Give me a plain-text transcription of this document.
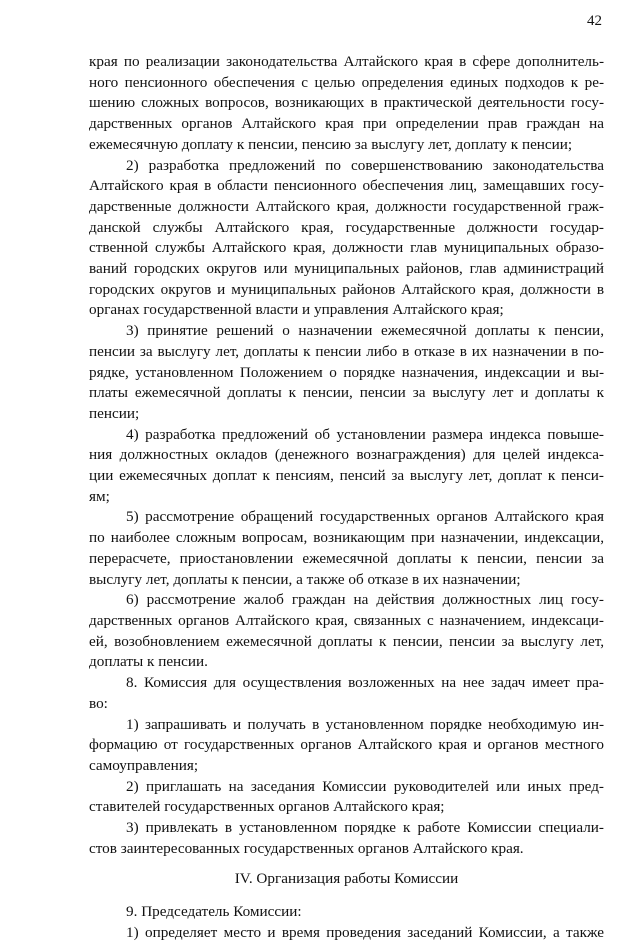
42
края по реализации законодательства Алтайского края в сфере дополнитель-
ного пенсионного обеспечения с целью определения единых подходов к ре-
шению сложных вопросов, возникающих в практической деятельности госу-
дарственных органов Алтайского края при определении прав граждан на
ежемесячную доплату к пенсии, пенсию за выслугу лет, доплату к пенсии;
2) разработка предложений по совершенствованию законодательства
Алтайского края в области пенсионного обеспечения лиц, замещавших госу-
дарственные должности Алтайского края, должности государственной граж-
данской службы Алтайского края, государственные должности государ-
ственной службы Алтайского края, должности глав муниципальных образо-
ваний городских округов или муниципальных районов, глав администраций
городских округов и муниципальных районов Алтайского края, должности в
органах государственной власти и управления Алтайского края;
3) принятие решений о назначении ежемесячной доплаты к пенсии,
пенсии за выслугу лет, доплаты к пенсии либо в отказе в их назначении в по-
рядке, установленном Положением о порядке назначения, индексации и вы-
платы ежемесячной доплаты к пенсии, пенсии за выслугу лет и доплаты к
пенсии;
4) разработка предложений об установлении размера индекса повыше-
ния должностных окладов (денежного вознаграждения) для целей индекса-
ции ежемесячных доплат к пенсиям, пенсий за выслугу лет, доплат к пенси-
ям;
5) рассмотрение обращений государственных органов Алтайского края
по наиболее сложным вопросам, возникающим при назначении, индексации,
перерасчете, приостановлении ежемесячной доплаты к пенсии, пенсии за
выслугу лет, доплаты к пенсии, а также об отказе в их назначении;
6) рассмотрение жалоб граждан на действия должностных лиц госу-
дарственных органов Алтайского края, связанных с назначением, индексаци-
ей, возобновлением ежемесячной доплаты к пенсии, пенсии за выслугу лет,
доплаты к пенсии.
8. Комиссия для осуществления возложенных на нее задач имеет пра-
во:
1) запрашивать и получать в установленном порядке необходимую ин-
формацию от государственных органов Алтайского края и органов местного
самоуправления;
2) приглашать на заседания Комиссии руководителей или иных пред-
ставителей государственных органов Алтайского края;
3) привлекать в установленном порядке к работе Комиссии специали-
стов заинтересованных государственных органов Алтайского края.
IV. Организация работы Комиссии
9. Председатель Комиссии:
1) определяет место и время проведения заседаний Комиссии, а также
